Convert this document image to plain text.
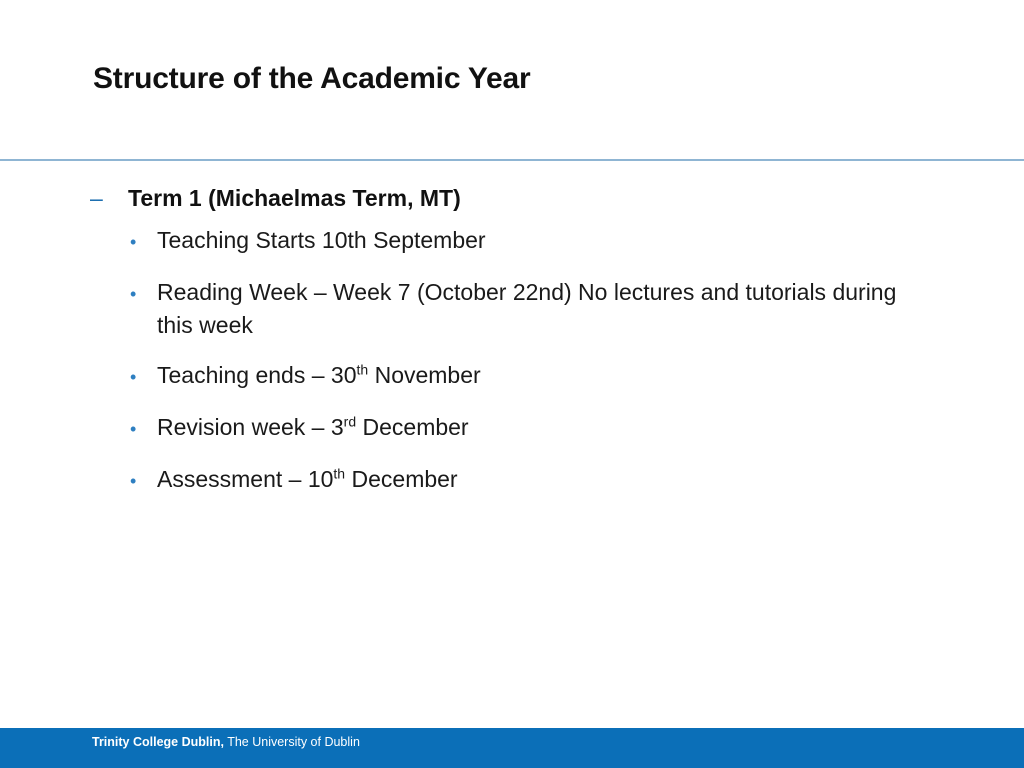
Structure of the Academic Year
–	Term 1 (Michaelmas Term, MT)
• Teaching Starts 10th September
• Reading Week – Week 7 (October 22nd) No lectures and tutorials during this week
• Teaching ends – 30th November
• Revision week – 3rd December
• Assessment – 10th December
Trinity College Dublin, The University of Dublin
